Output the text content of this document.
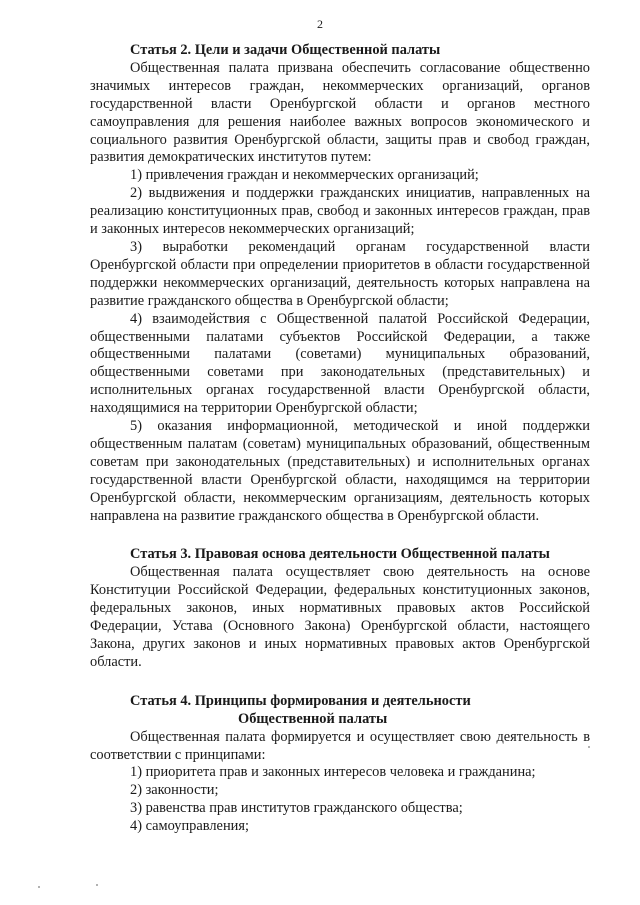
2

Статья 2. Цели и задачи Общественной палаты

Общественная палата призвана обеспечить согласование общественно значимых интересов граждан, некоммерческих организаций, органов государственной власти Оренбургской области и органов местного самоуправления для решения наиболее важных вопросов экономического и социального развития Оренбургской области, защиты прав и свобод граждан, развития демократических институтов путем:

1) привлечения граждан и некоммерческих организаций;

2) выдвижения и поддержки гражданских инициатив, направленных на реализацию конституционных прав, свобод и законных интересов граждан, прав и законных интересов некоммерческих организаций;

3) выработки рекомендаций органам государственной власти Оренбургской области при определении приоритетов в области государственной поддержки некоммерческих организаций, деятельность которых направлена на развитие гражданского общества в Оренбургской области;

4) взаимодействия с Общественной палатой Российской Федерации, общественными палатами субъектов Российской Федерации, а также общественными палатами (советами) муниципальных образований, общественными советами при законодательных (представительных) и исполнительных органах государственной власти Оренбургской области, находящимися на территории Оренбургской области;

5) оказания информационной, методической и иной поддержки общественным палатам (советам) муниципальных образований, общественным советам при законодательных (представительных) и исполнительных органах государственной власти Оренбургской области, находящимся на территории Оренбургской области, некоммерческим организациям, деятельность которых направлена на развитие гражданского общества в Оренбургской области.

Статья 3. Правовая основа деятельности Общественной палаты

Общественная палата осуществляет свою деятельность на основе Конституции Российской Федерации, федеральных конституционных законов, федеральных законов, иных нормативных правовых актов Российской Федерации, Устава (Основного Закона) Оренбургской области, настоящего Закона, других законов и иных нормативных правовых актов Оренбургской области.

Статья 4. Принципы формирования и деятельности

Общественной палаты

Общественная палата формируется и осуществляет свою деятельность в соответствии с принципами:

1) приоритета прав и законных интересов человека и гражданина;

2) законности;

3) равенства прав институтов гражданского общества;

4) самоуправления;
